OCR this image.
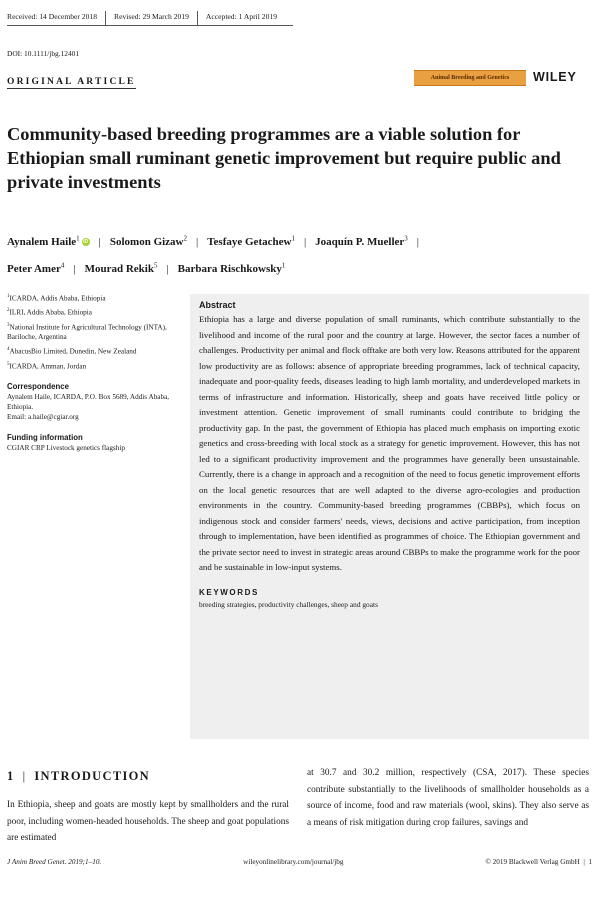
Received: 14 December 2018	Revised: 29 March 2019	Accepted: 1 April 2019
DOI: 10.1111/jbg.12401
ORIGINAL ARTICLE	Animal Breeding and Genetics	WILEY
Community-based breeding programmes are a viable solution for Ethiopian small ruminant genetic improvement but require public and private investments
Aynalem Haile$^1$ iD | Solomon Gizaw$^2$ | Tesfaye Getachew$^1$ | Joaquín P. Mueller$^3$ |
Peter Amer$^4$ | Mourad Rekik$^5$ | Barbara Rischkowsky$^1$
$^1$ICARDA, Addis Ababa, Ethiopia
$^2$ILRI, Addis Ababa, Ethiopia
$^3$National Institute for Agricultural Technology (INTA), Bariloche, Argentina
$^4$AbacusBio Limited, Dunedin, New Zealand
$^5$ICARDA, Amman, Jordan
Correspondence
Aynalem Haile, ICARDA, P.O. Box 5689, Addis Ababa, Ethiopia.
Email: a.haile@cgiar.org
Funding information
CGIAR CRP Livestock genetics flagship
Abstract

Ethiopia has a large and diverse population of small ruminants, which contribute substantially to the livelihood and income of the rural poor and the country at large. However, the sector faces a number of challenges. Productivity per animal and flock offtake are both very low. Reasons attributed for the apparent low productivity are as follows: absence of appropriate breeding programmes, lack of technical capacity, inadequate and poor-quality feeds, diseases leading to high lamb mortality, and underdeveloped markets in terms of infrastructure and information. Historically, sheep and goats have received little policy or investment attention. Genetic improvement of small ruminants could contribute to bridging the productivity gap. In the past, the government of Ethiopia has placed much emphasis on importing exotic genetics and cross-breeding with local stock as a strategy for genetic improvement. However, this has not led to a significant productivity improvement and the programmes have generally been unsustainable. Currently, there is a change in approach and a recognition of the need to focus genetic improvement efforts on the local genetic resources that are well adapted to the diverse agro-ecologies and production environments in the country. Community-based breeding programmes (CBBPs), which focus on indigenous stock and consider farmers' needs, views, decisions and active participation, from inception through to implementation, have been identified as programmes of choice. The Ethiopian government and the private sector need to invest in strategic areas around CBBPs to make the programme work for the poor and be sustainable in low-input systems.

KEYWORDS
breeding strategies, productivity challenges, sheep and goats
1 | INTRODUCTION

In Ethiopia, sheep and goats are mostly kept by smallholders and the rural poor, including women-headed households. The sheep and goat populations are estimated

at 30.7 and 30.2 million, respectively (CSA, 2017). These species contribute substantially to the livelihoods of smallholder households as a source of income, food and raw materials (wool, skins). They also serve as a means of risk mitigation during crop failures, savings and

J Anim Breed Genet. 2019;1–10.	wileyonlinelibrary.com/journal/jbg	© 2019 Blackwell Verlag GmbH  |  1
